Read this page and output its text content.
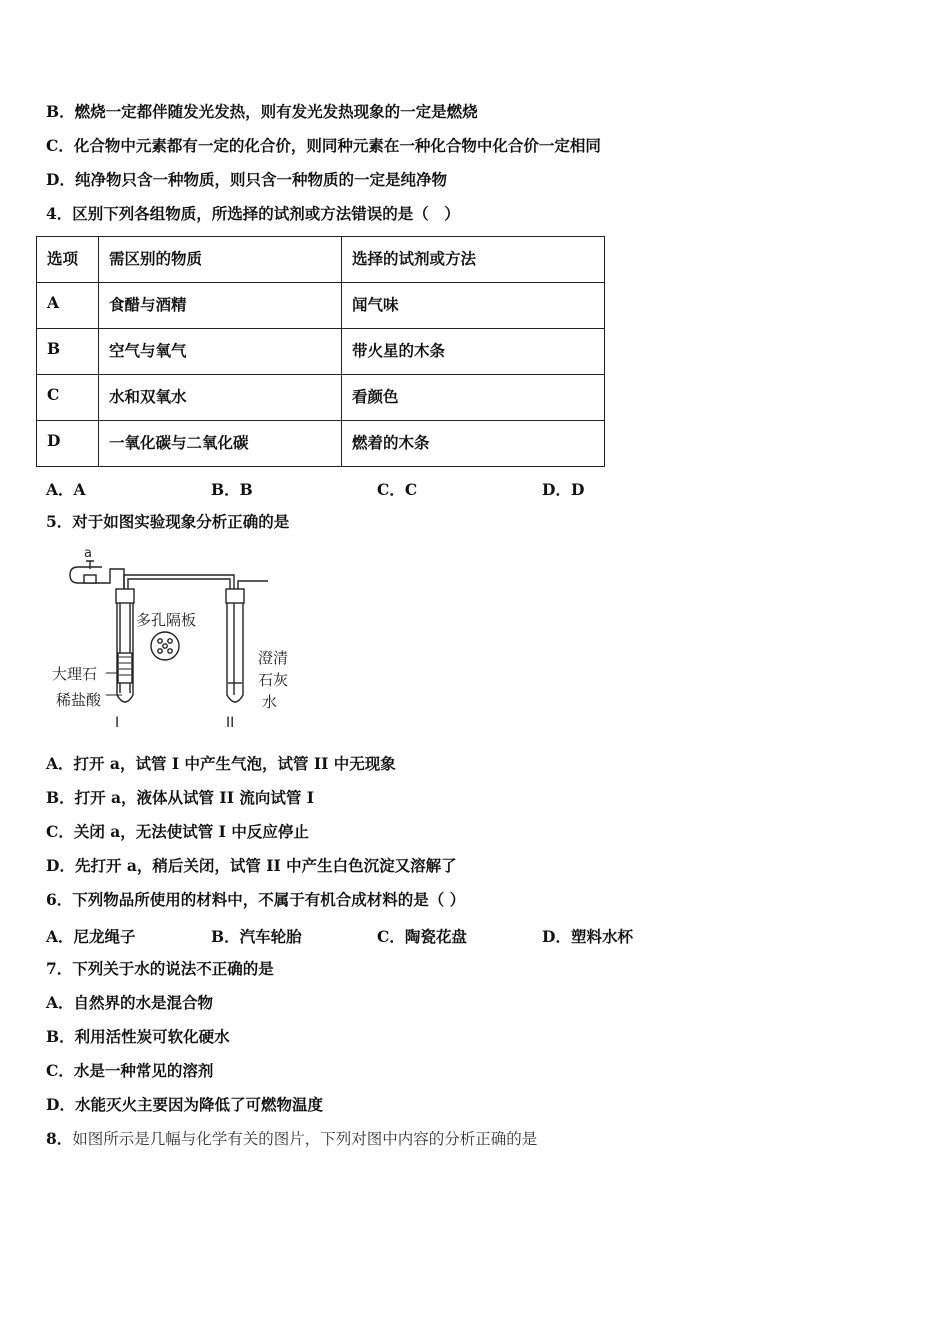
B．燃烧一定都伴随发光发热，则有发光发热现象的一定是燃烧
C．化合物中元素都有一定的化合价，则同种元素在一种化合物中化合价一定相同
D．纯净物只含一种物质，则只含一种物质的一定是纯净物
4．区别下列各组物质，所选择的试剂或方法错误的是（　）
选项	需区别的物质	选择的试剂或方法
A	食醋与酒精	闻气味
B	空气与氧气	带火星的木条
C	水和双氧水	看颜色
D	一氧化碳与二氧化碳	燃着的木条
A．A	B．B	C．C	D．D
5．对于如图实验现象分析正确的是
a
多孔隔板
大理石
稀盐酸
澄清
石灰
水
I	II
A．打开 a，试管 I 中产生气泡，试管 II 中无现象
B．打开 a，液体从试管 II 流向试管 I
C．关闭 a，无法使试管 I 中反应停止
D．先打开 a，稍后关闭，试管 II 中产生白色沉淀又溶解了
6．下列物品所使用的材料中，不属于有机合成材料的是（ ）
A．尼龙绳子	B．汽车轮胎	C．陶瓷花盘	D．塑料水杯
7．下列关于水的说法不正确的是
A．自然界的水是混合物
B．利用活性炭可软化硬水
C．水是一种常见的溶剂
D．水能灭火主要因为降低了可燃物温度
8．如图所示是几幅与化学有关的图片，下列对图中内容的分析正确的是
